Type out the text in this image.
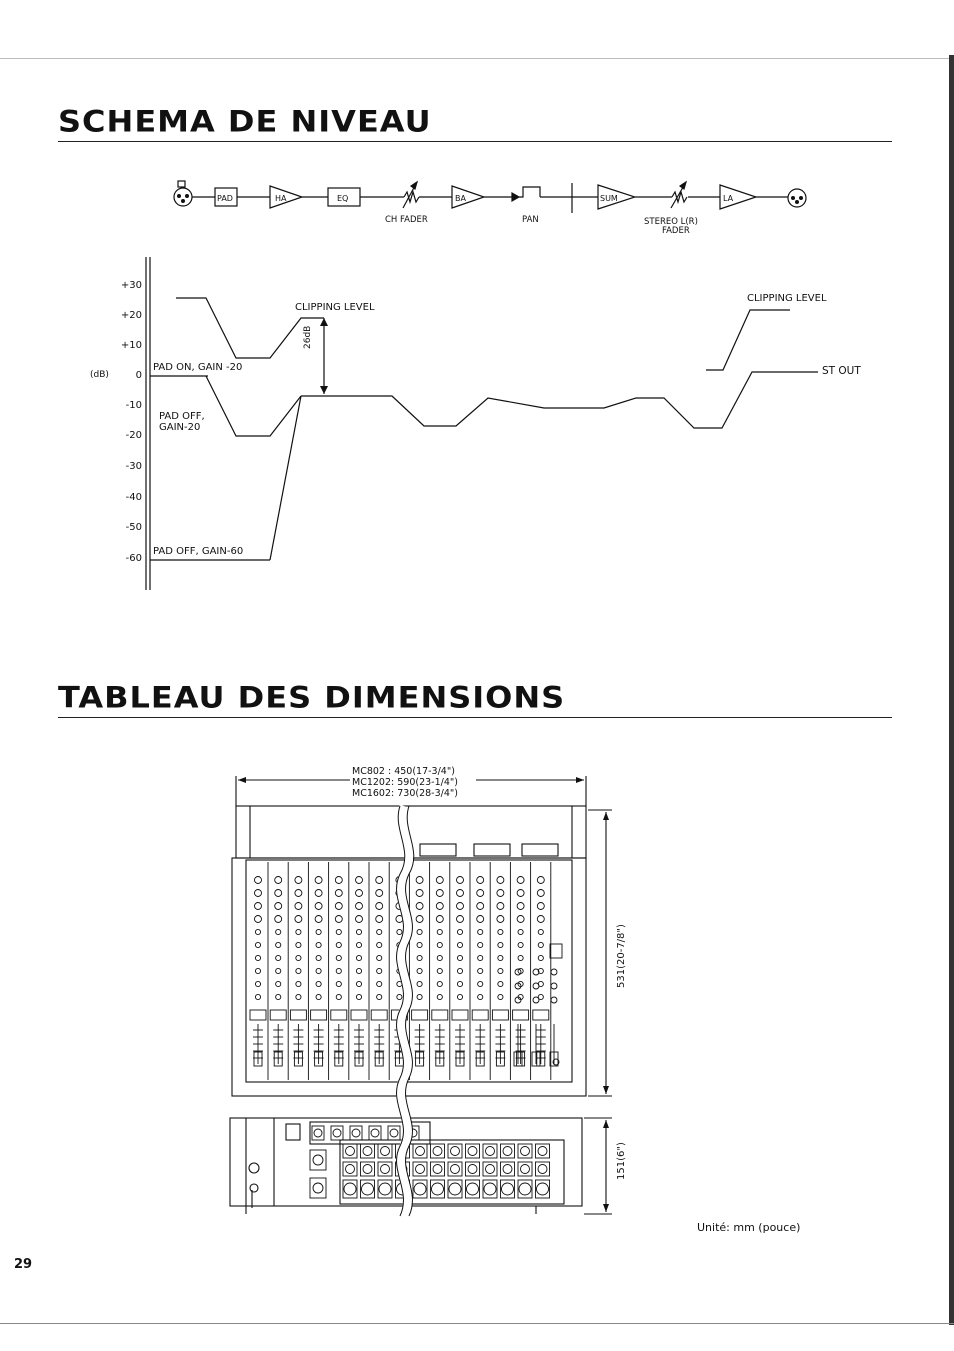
SCHEMA DE NIVEAU
PAD	HA	EQ	BA	SUM	LA
CH FADER	PAN	STEREO L(R)
FADER
TABLEAU DES DIMENSIONS
MC802 : 450(17-3/4")
MC1202: 590(23-1/4")
MC1602: 730(28-3/4")
531(20-7/8")
151(6")
(dB)
+30
+20
+10
0
-10
-20
-30
-40
-50
-60
CLIPPING LEVEL
CLIPPING LEVEL
26dB
PAD ON, GAIN -20
PAD OFF,
GAIN-20
PAD OFF, GAIN-60
ST OUT
Unité: mm (pouce)
29
